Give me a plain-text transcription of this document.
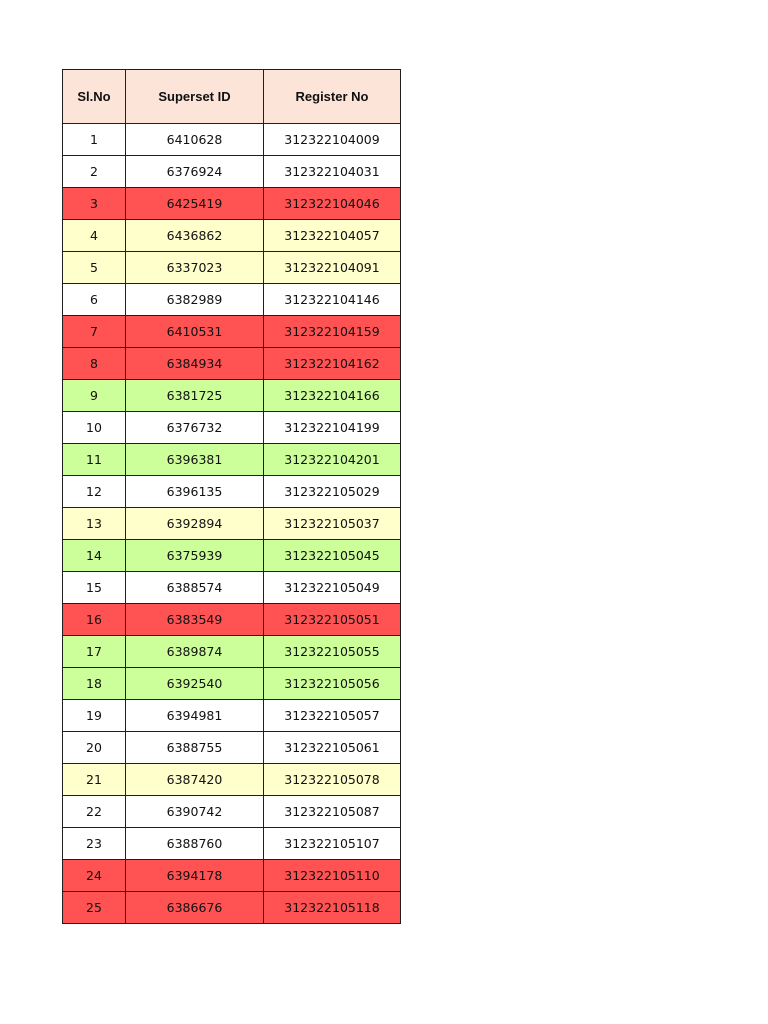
Sl.No	Superset ID	Register No
1	6410628	312322104009
2	6376924	312322104031
3	6425419	312322104046
4	6436862	312322104057
5	6337023	312322104091
6	6382989	312322104146
7	6410531	312322104159
8	6384934	312322104162
9	6381725	312322104166
10	6376732	312322104199
11	6396381	312322104201
12	6396135	312322105029
13	6392894	312322105037
14	6375939	312322105045
15	6388574	312322105049
16	6383549	312322105051
17	6389874	312322105055
18	6392540	312322105056
19	6394981	312322105057
20	6388755	312322105061
21	6387420	312322105078
22	6390742	312322105087
23	6388760	312322105107
24	6394178	312322105110
25	6386676	312322105118
